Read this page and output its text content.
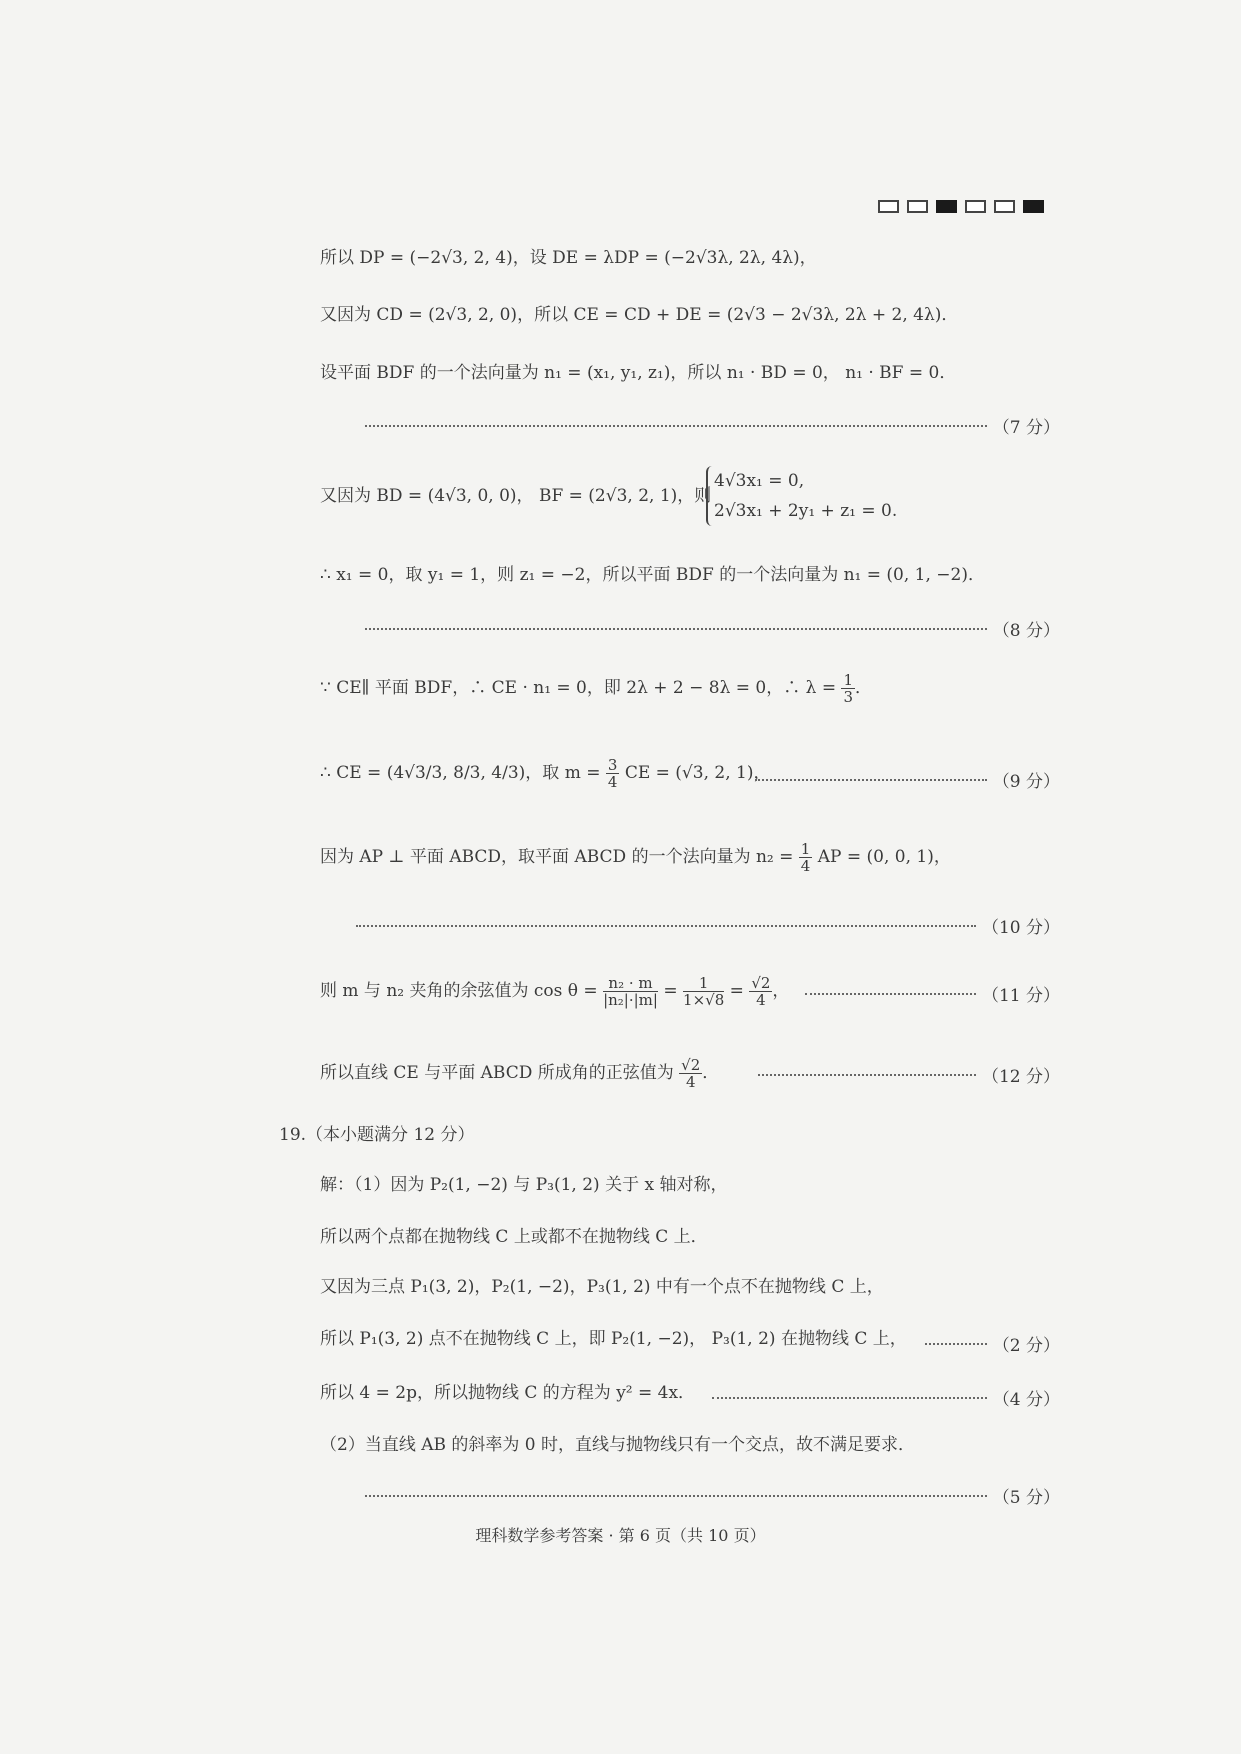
所以 DP = (−2√3, 2, 4)，设 DE = λDP = (−2√3λ, 2λ, 4λ)，
又因为 CD = (2√3, 2, 0)，所以 CE = CD + DE = (2√3 − 2√3λ, 2λ + 2, 4λ)．
设平面 BDF 的一个法向量为 n₁ = (x₁, y₁, z₁)，所以 n₁ · BD = 0， n₁ · BF = 0．
（7 分）
又因为 BD = (4√3, 0, 0)， BF = (2√3, 2, 1)，则
4√3x₁ = 0,
2√3x₁ + 2y₁ + z₁ = 0.
∴ x₁ = 0，取 y₁ = 1，则 z₁ = −2，所以平面 BDF 的一个法向量为 n₁ = (0, 1, −2)．
（8 分）
∵ CE∥ 平面 BDF，∴ CE · n₁ = 0，即 2λ + 2 − 8λ = 0，∴ $\lambda = \frac{1}{3}$ ．
∴ CE = (4√3/3, 8/3, 4/3)，取 $m = \frac{3}{4}$ CE = (√3, 2, 1)，	（9 分）
因为 AP ⊥ 平面 ABCD，取平面 ABCD 的一个法向量为 $n_2 = \frac{1}{4}$ AP = (0, 0, 1)，
（10 分）
则 m 与 n₂ 夹角的余弦值为 $\cos \theta = \frac{\text{n₂ · m}}{\text{|n₂|·|m|}} = \frac{1}{1\times√8} = \frac{√2}{4}$ ，	（11 分）
所以直线 CE 与平面 ABCD 所成角的正弦值为 $\frac{√2}{4}$ ．	（12 分）
19.（本小题满分 12 分）
解：（1）因为 P₂(1, −2) 与 P₃(1, 2) 关于 x 轴对称，
所以两个点都在抛物线 C 上或都不在抛物线 C 上．
又因为三点 P₁(3, 2)，P₂(1, −2)，P₃(1, 2) 中有一个点不在抛物线 C 上，
所以 P₁(3, 2) 点不在抛物线 C 上，即 P₂(1, −2)， P₃(1, 2) 在抛物线 C 上，	（2 分）
所以 4 = 2p，所以抛物线 C 的方程为 y² = 4x．	（4 分）
（2）当直线 AB 的斜率为 0 时，直线与抛物线只有一个交点，故不满足要求．
（5 分）
理科数学参考答案 · 第 6 页（共 10 页）
